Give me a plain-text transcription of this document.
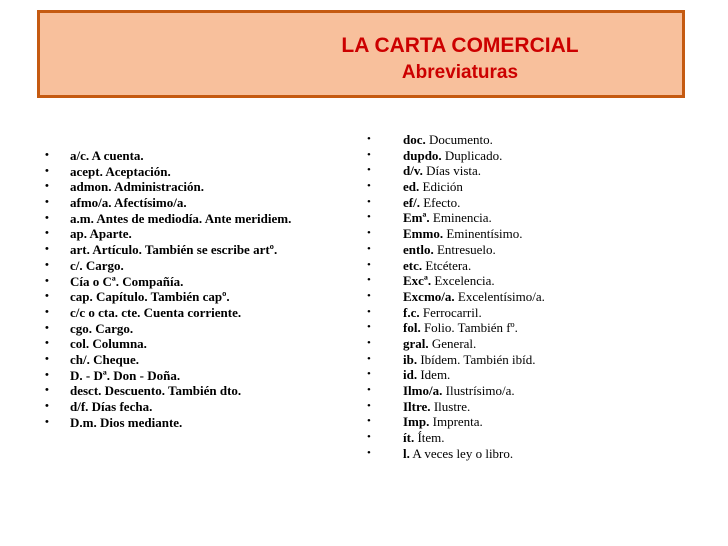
LA CARTA COMERCIAL
Abreviaturas
• a/c. A cuenta.
• acept. Aceptación.
• admon. Administración.
• afmo/a. Afectísimo/a.
• a.m. Antes de mediodía. Ante meridiem.
• ap. Aparte.
• art. Artículo. También se escribe artº.
• c/. Cargo.
• Cía o Cª. Compañía.
• cap. Capítulo. También capº.
• c/c o cta. cte. Cuenta corriente.
• cgo. Cargo.
• col. Columna.
• ch/. Cheque.
• D. - Dª. Don - Doña.
• desct. Descuento. También dto.
• d/f. Días fecha.
• D.m. Dios mediante.
• doc. Documento.
• dupdo. Duplicado.
• d/v. Días vista.
• ed. Edición
• ef/. Efecto.
• Emª. Eminencia.
• Emmo. Eminentísimo.
• entlo. Entresuelo.
• etc. Etcétera.
• Excª. Excelencia.
• Excmo/a. Excelentísimo/a.
• f.c. Ferrocarril.
• fol. Folio. También fº.
• gral. General.
• ib. Ibídem. También ibíd.
• id. Idem.
• Ilmo/a. Ilustrísimo/a.
• Iltre. Ilustre.
• Imp. Imprenta.
• ít. Ítem.
• l. A veces ley o libro.
